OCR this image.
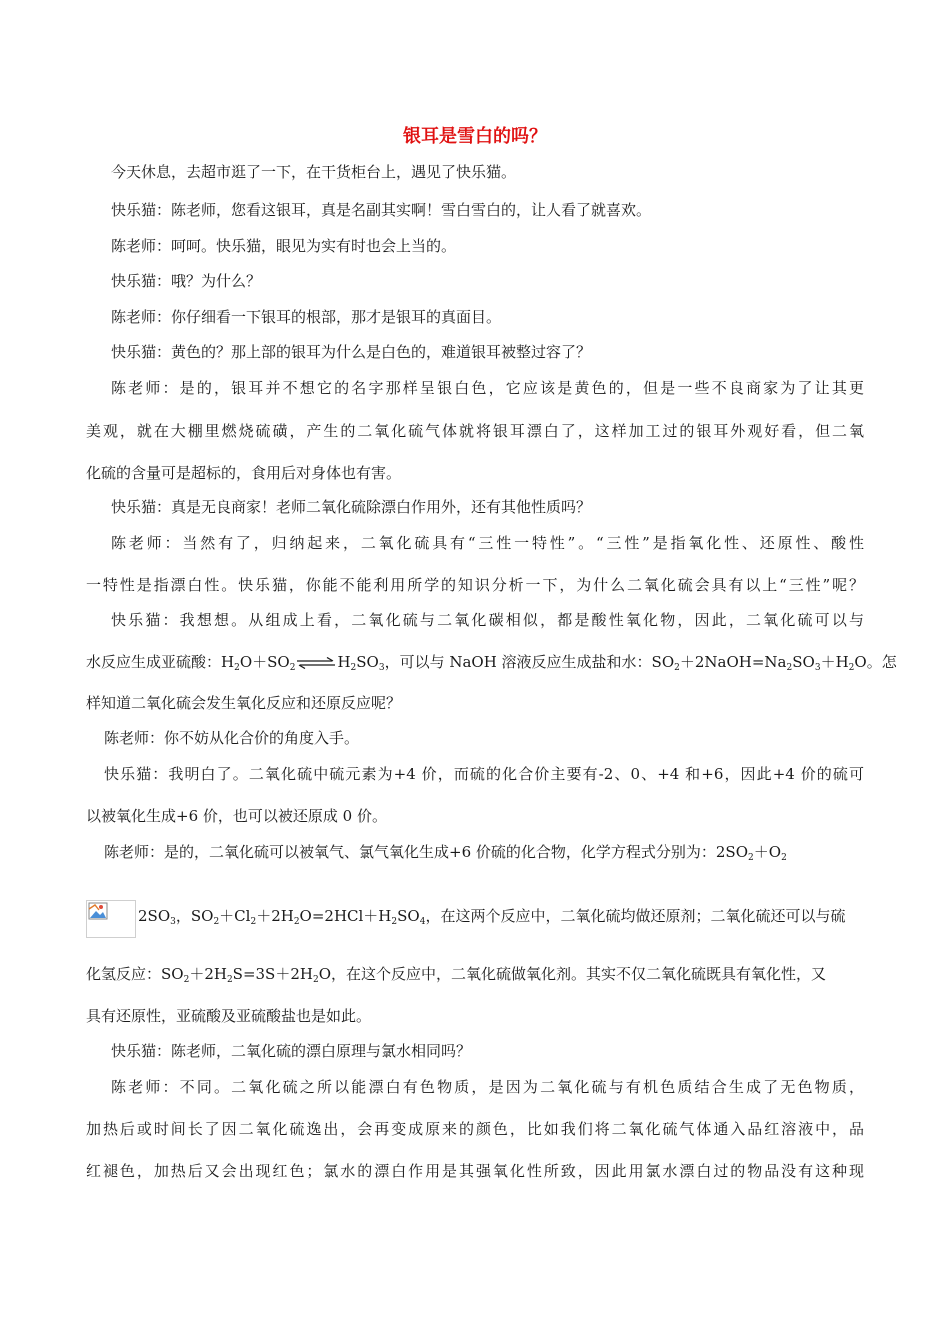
银耳是雪白的吗？
今天休息，去超市逛了一下，在干货柜台上，遇见了快乐猫。
快乐猫：陈老师，您看这银耳，真是名副其实啊！雪白雪白的，让人看了就喜欢。
陈老师：呵呵。快乐猫，眼见为实有时也会上当的。
快乐猫：哦？为什么？
陈老师：你仔细看一下银耳的根部，那才是银耳的真面目。
快乐猫：黄色的？那上部的银耳为什么是白色的，难道银耳被整过容了？
陈老师：是的，银耳并不想它的名字那样呈银白色，它应该是黄色的，但是一些不良商家为了让其更
美观，就在大棚里燃烧硫磺，产生的二氧化硫气体就将银耳漂白了，这样加工过的银耳外观好看，但二氧
化硫的含量可是超标的，食用后对身体也有害。
快乐猫：真是无良商家！老师二氧化硫除漂白作用外，还有其他性质吗？
陈老师：当然有了，归纳起来，二氧化硫具有“三性一特性”。“三性”是指氧化性、还原性、酸性
一特性是指漂白性。快乐猫，你能不能利用所学的知识分析一下，为什么二氧化硫会具有以上“三性”呢？
快乐猫：我想想。从组成上看，二氧化硫与二氧化碳相似，都是酸性氧化物，因此，二氧化硫可以与
水反应生成亚硫酸：$H_2O+SO_2\rightleftharpoons H_2SO_3$，可以与 NaOH 溶液反应生成盐和水：$SO_2+2NaOH=Na_2SO_3+H_2O$。怎
样知道二氧化硫会发生氧化反应和还原反应呢？
陈老师：你不妨从化合价的角度入手。
快乐猫：我明白了。二氧化硫中硫元素为+4 价，而硫的化合价主要有-2、0、+4 和+6，因此+4 价的硫可
以被氧化生成+6 价，也可以被还原成 0 价。
陈老师：是的，二氧化硫可以被氧气、氯气氧化生成+6 价硫的化合物，化学方程式分别为：$2SO_2+O_2$
$2SO_3$，$SO_2+Cl_2+2H_2O=2HCl+H_2SO_4$，在这两个反应中，二氧化硫均做还原剂；二氧化硫还可以与硫
化氢反应：$SO_2+2H_2S=3S+2H_2O$，在这个反应中，二氧化硫做氧化剂。其实不仅二氧化硫既具有氧化性，又
具有还原性，亚硫酸及亚硫酸盐也是如此。
快乐猫：陈老师，二氧化硫的漂白原理与氯水相同吗？
陈老师：不同。二氧化硫之所以能漂白有色物质，是因为二氧化硫与有机色质结合生成了无色物质，
加热后或时间长了因二氧化硫逸出，会再变成原来的颜色，比如我们将二氧化硫气体通入品红溶液中，品
红褪色，加热后又会出现红色；氯水的漂白作用是其强氧化性所致，因此用氯水漂白过的物品没有这种现
